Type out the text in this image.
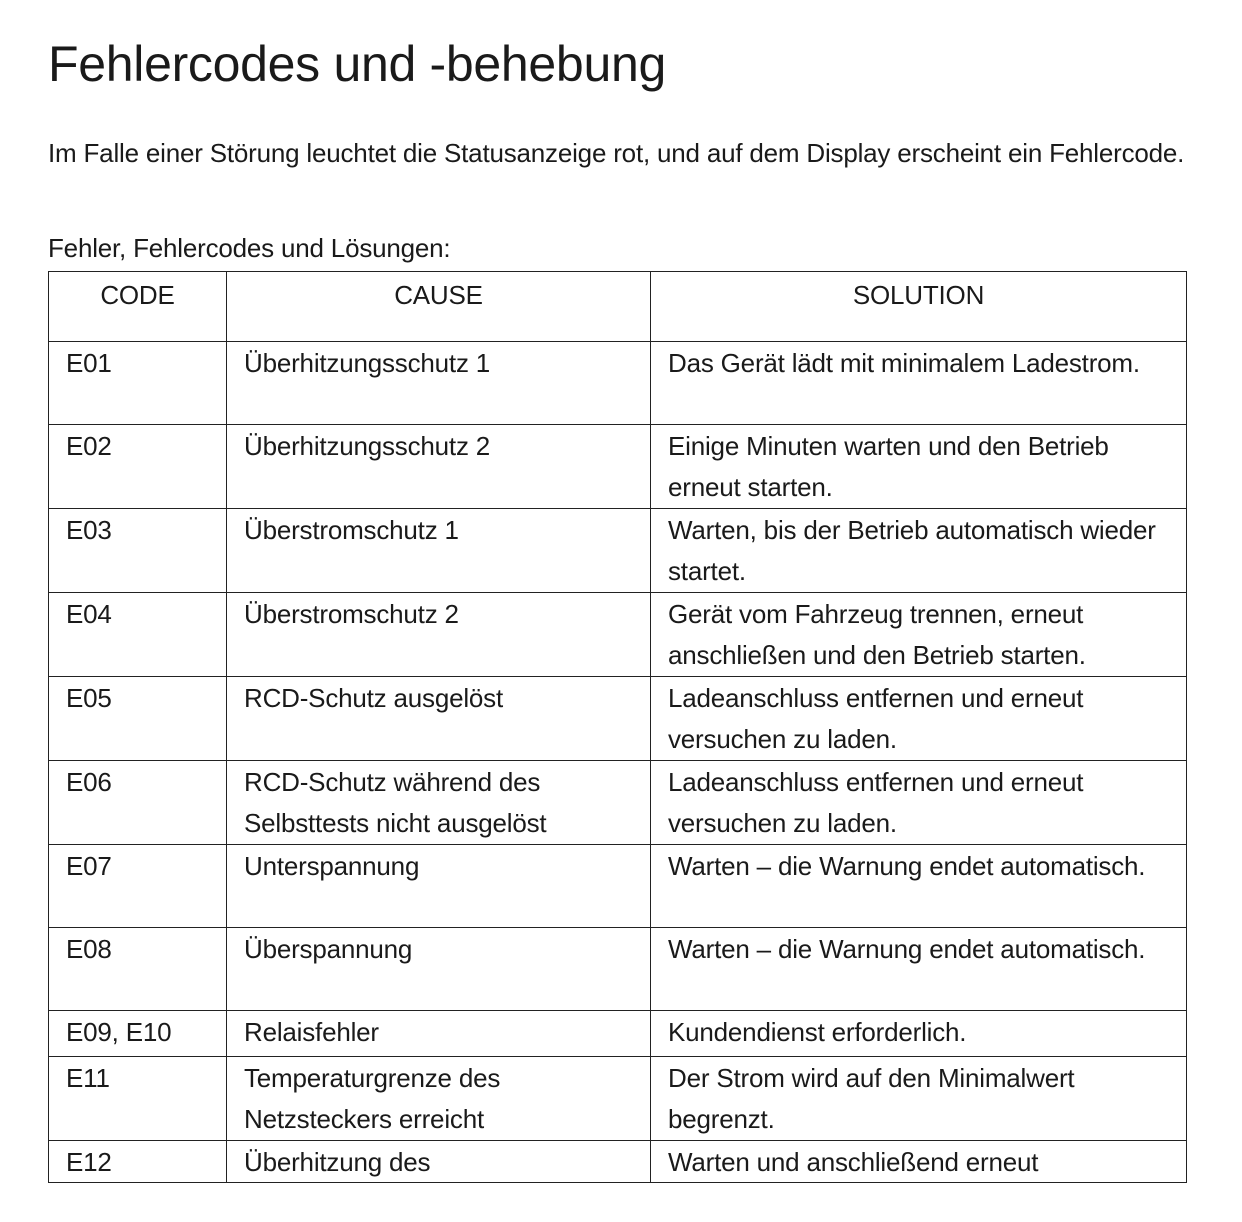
Fehlercodes und -behebung

Im Falle einer Störung leuchtet die Statusanzeige rot, und auf dem Display erscheint ein Fehlercode.

Fehler, Fehlercodes und Lösungen:

CODE	CAUSE	SOLUTION
E01	Überhitzungsschutz 1	Das Gerät lädt mit minimalem Ladestrom.
E02	Überhitzungsschutz 2	Einige Minuten warten und den Betrieb erneut starten.
E03	Überstromschutz 1	Warten, bis der Betrieb automatisch wieder startet.
E04	Überstromschutz 2	Gerät vom Fahrzeug trennen, erneut anschließen und den Betrieb starten.
E05	RCD-Schutz ausgelöst	Ladeanschluss entfernen und erneut versuchen zu laden.
E06	RCD-Schutz während des Selbsttests nicht ausgelöst	Ladeanschluss entfernen und erneut versuchen zu laden.
E07	Unterspannung	Warten – die Warnung endet automatisch.
E08	Überspannung	Warten – die Warnung endet automatisch.
E09, E10	Relaisfehler	Kundendienst erforderlich.
E11	Temperaturgrenze des Netzsteckers erreicht	Der Strom wird auf den Minimalwert begrenzt.
E12	Überhitzung des	Warten und anschließend erneut
